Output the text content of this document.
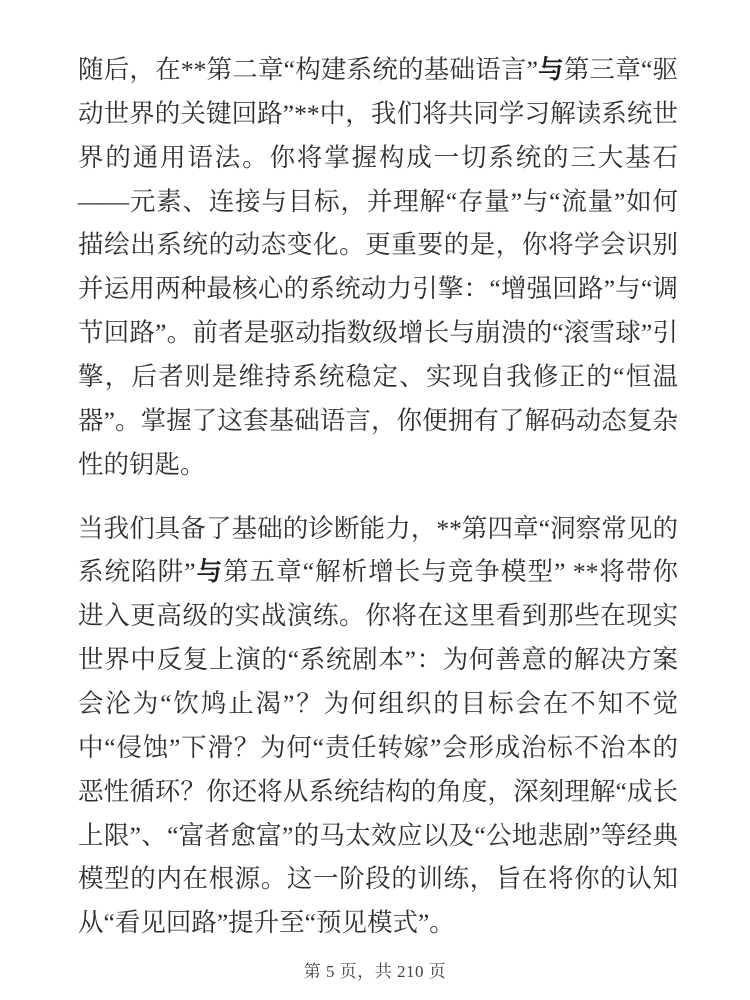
随后，在**第二章“构建系统的基础语言”与第三章“驱动世界的关键回路”**中，我们将共同学习解读系统世界的通用语法。你将掌握构成一切系统的三大基石——元素、连接与目标，并理解“存量”与“流量”如何描绘出系统的动态变化。更重要的是，你将学会识别并运用两种最核心的系统动力引擎：“增强回路”与“调节回路”。前者是驱动指数级增长与崩溃的“滚雪球”引擎，后者则是维持系统稳定、实现自我修正的“恒温器”。掌握了这套基础语言，你便拥有了解码动态复杂性的钥匙。

当我们具备了基础的诊断能力，**第四章“洞察常见的系统陷阱”与第五章“解析增长与竞争模型” **将带你进入更高级的实战演练。你将在这里看到那些在现实世界中反复上演的“系统剧本”：为何善意的解决方案会沦为“饮鸠止渴”？为何组织的目标会在不知不觉中“侵蚀”下滑？为何“责任转嫁”会形成治标不治本的恶性循环？你还将从系统结构的角度，深刻理解“成长上限”、“富者愈富”的马太效应以及“公地悲剧”等经典模型的内在根源。这一阶段的训练，旨在将你的认知从“看见回路”提升至“预见模式”。

第 5 页，共 210 页
